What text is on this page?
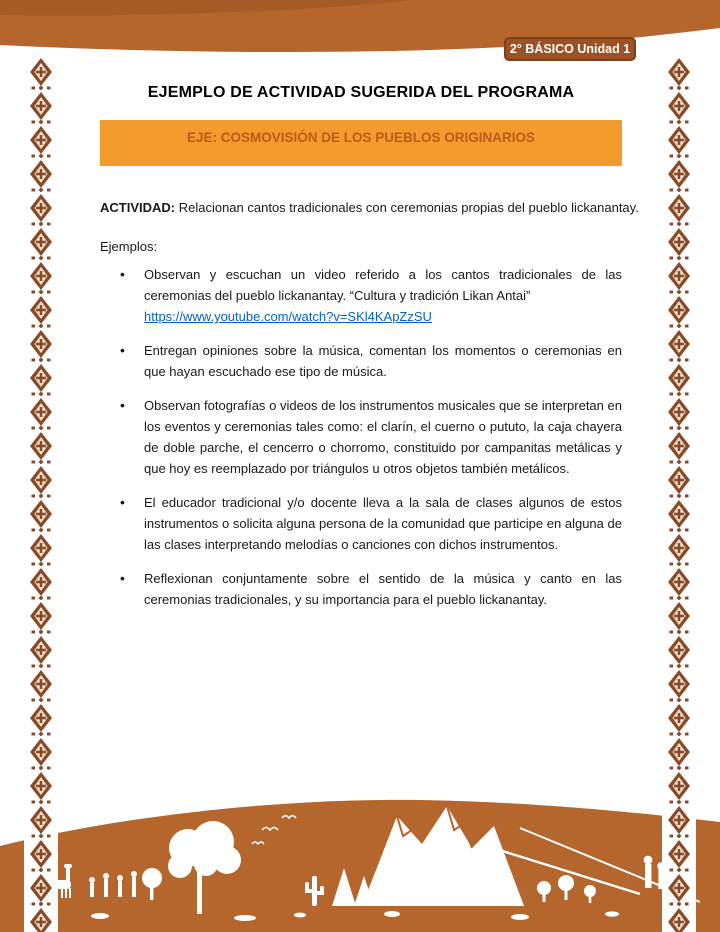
2° BÁSICO Unidad 1
EJEMPLO DE ACTIVIDAD SUGERIDA DEL PROGRAMA
EJE: COSMOVISIÓN DE LOS PUEBLOS ORIGINARIOS

ACTIVIDAD: Relacionan cantos tradicionales con ceremonias propias del pueblo lickanantay.

Ejemplos:

• Observan y escuchan un video referido a los cantos tradicionales de las ceremonias del pueblo lickanantay. “Cultura y tradición Likan Antai”
https://www.youtube.com/watch?v=SKl4KApZzSU
• Entregan opiniones sobre la música, comentan los momentos o ceremonias en que hayan escuchado ese tipo de música.
• Observan fotografías o videos de los instrumentos musicales que se interpretan en los eventos y ceremonias tales como: el clarín, el cuerno o pututo, la caja chayera de doble parche, el cencerro o chorromo, constituido por campanitas metálicas y que hoy es reemplazado por triángulos u otros objetos también metálicos.
• El educador tradicional y/o docente lleva a la sala de clases algunos de estos instrumentos o solicita alguna persona de la comunidad que participe en alguna de las clases interpretando melodías o canciones con dichos instrumentos.
• Reflexionan conjuntamente sobre el sentido de la música y canto en las ceremonias tradicionales, y su importancia para el pueblo lickanantay.
